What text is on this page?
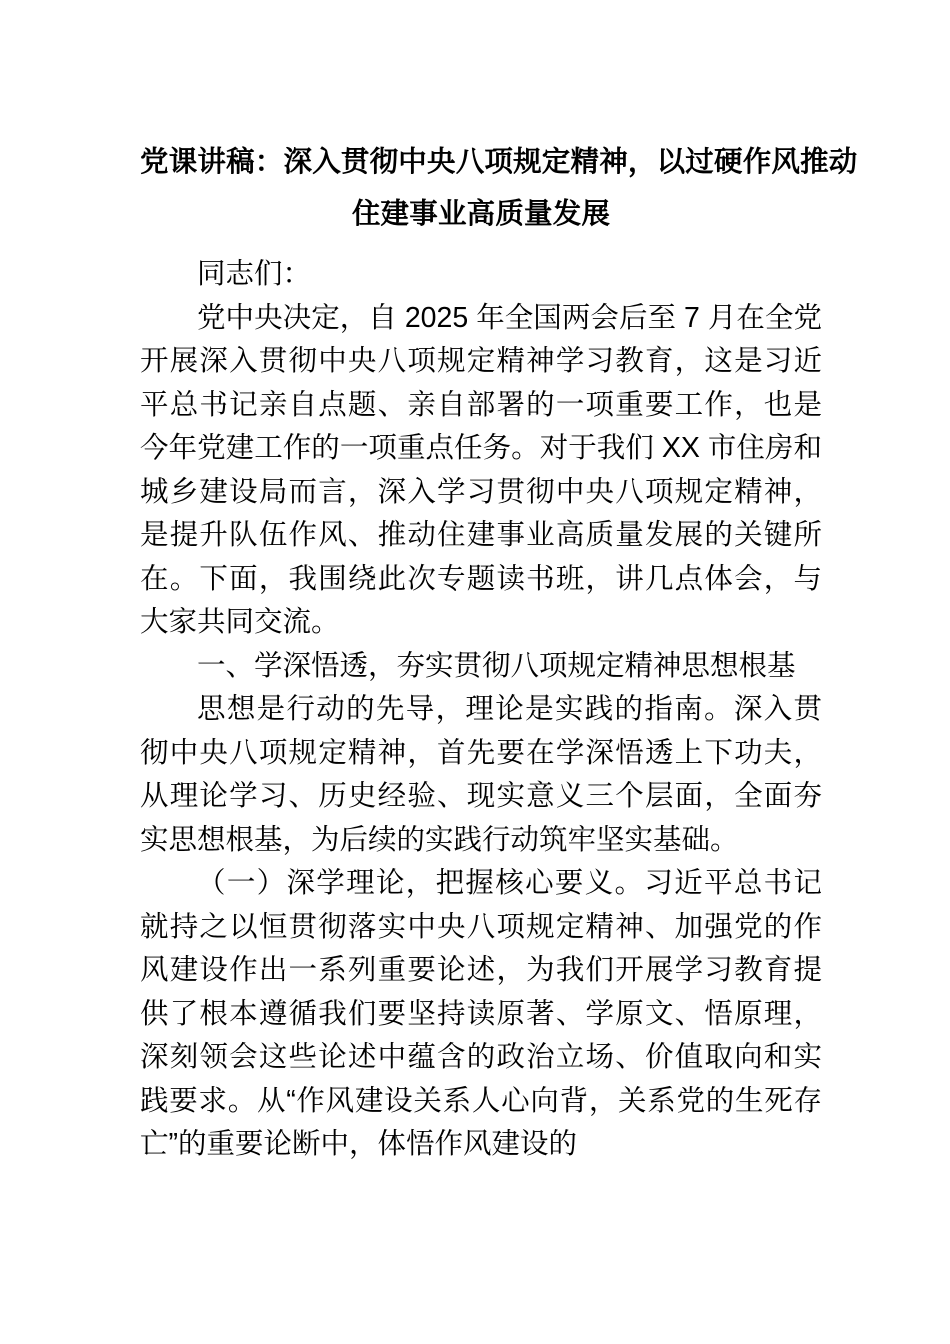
党课讲稿：深入贯彻中央八项规定精神，以过硬作风推动
住建事业高质量发展

同志们：

党中央决定，自 2025 年全国两会后至 7 月在全党开展深入贯彻中央八项规定精神学习教育，这是习近平总书记亲自点题、亲自部署的一项重要工作，也是今年党建工作的一项重点任务。对于我们 XX 市住房和城乡建设局而言，深入学习贯彻中央八项规定精神，是提升队伍作风、推动住建事业高质量发展的关键所在。下面，我围绕此次专题读书班，讲几点体会，与大家共同交流。

一、学深悟透，夯实贯彻八项规定精神思想根基

思想是行动的先导，理论是实践的指南。深入贯彻中央八项规定精神，首先要在学深悟透上下功夫，从理论学习、历史经验、现实意义三个层面，全面夯实思想根基，为后续的实践行动筑牢坚实基础。

（一）深学理论，把握核心要义。习近平总书记就持之以恒贯彻落实中央八项规定精神、加强党的作风建设作出一系列重要论述，为我们开展学习教育提供了根本遵循我们要坚持读原著、学原文、悟原理，深刻领会这些论述中蕴含的政治立场、价值取向和实践要求。从“作风建设关系人心向背，关系党的生死存亡”的重要论断中，体悟作风建设的
